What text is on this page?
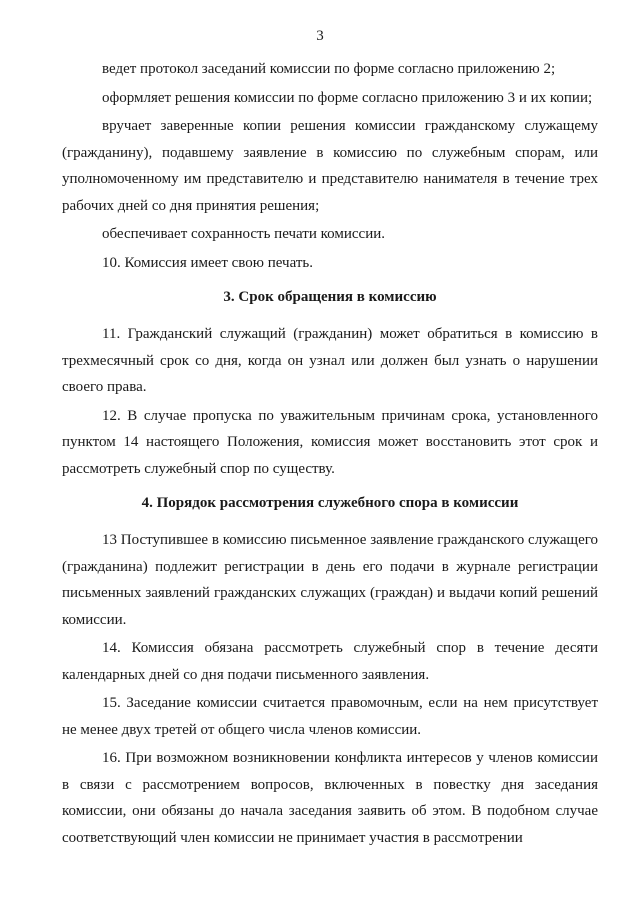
3

ведет протокол заседаний комиссии по форме согласно приложению 2;

оформляет решения комиссии по форме согласно приложению 3 и их копии;

вручает заверенные копии решения комиссии гражданскому служащему (гражданину), подавшему заявление в комиссию по служебным спорам, или уполномоченному им представителю и представителю нанимателя в течение трех рабочих дней со дня принятия решения;

обеспечивает сохранность печати комиссии.

10. Комиссия имеет свою печать.

3. Срок обращения в комиссию

11. Гражданский служащий (гражданин) может обратиться в комиссию в трехмесячный срок со дня, когда он узнал или должен был узнать о нарушении своего права.

12. В случае пропуска по уважительным причинам срока, установленного пунктом 14 настоящего Положения, комиссия может восстановить этот срок и рассмотреть служебный спор по существу.

4. Порядок рассмотрения служебного спора в комиссии

13 Поступившее в комиссию письменное заявление гражданского служащего (гражданина) подлежит регистрации в день его подачи в журнале регистрации письменных заявлений гражданских служащих (граждан) и выдачи копий решений комиссии.

14. Комиссия обязана рассмотреть служебный спор в течение десяти календарных дней со дня подачи письменного заявления.

15. Заседание комиссии считается правомочным, если на нем присутствует не менее двух третей от общего числа членов комиссии.

16. При возможном возникновении конфликта интересов у членов комиссии в связи с рассмотрением вопросов, включенных в повестку дня заседания комиссии, они обязаны до начала заседания заявить об этом. В подобном случае соответствующий член комиссии не принимает участия в рассмотрении
